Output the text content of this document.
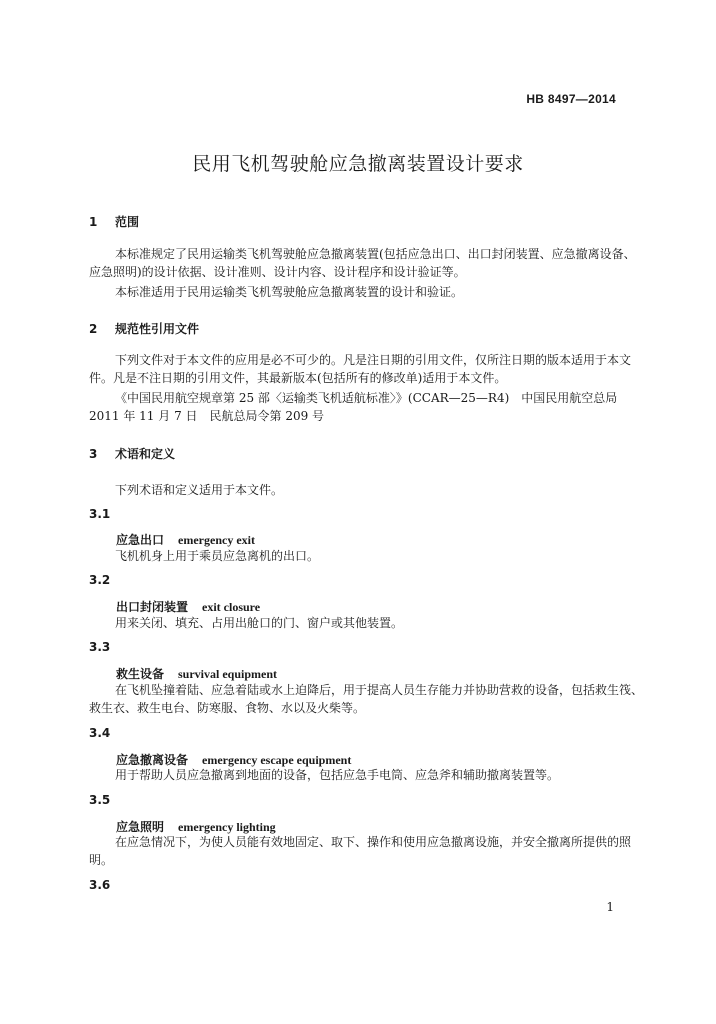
HB 8497—2014
民用飞机驾驶舱应急撤离装置设计要求
1 范围
本标准规定了民用运输类飞机驾驶舱应急撤离装置(包括应急出口、出口封闭装置、应急撤离设备、
应急照明)的设计依据、设计准则、设计内容、设计程序和设计验证等。
本标准适用于民用运输类飞机驾驶舱应急撤离装置的设计和验证。
2 规范性引用文件
下列文件对于本文件的应用是必不可少的。凡是注日期的引用文件，仅所注日期的版本适用于本文
件。凡是不注日期的引用文件，其最新版本(包括所有的修改单)适用于本文件。
《中国民用航空规章第 25 部〈运输类飞机适航标准〉》(CCAR—25—R4)　中国民用航空总局
2011 年 11 月 7 日　民航总局令第 209 号
3 术语和定义
下列术语和定义适用于本文件。
3.1
应急出口 emergency exit
飞机机身上用于乘员应急离机的出口。
3.2
出口封闭装置 exit closure
用来关闭、填充、占用出舱口的门、窗户或其他装置。
3.3
救生设备 survival equipment
在飞机坠撞着陆、应急着陆或水上迫降后，用于提高人员生存能力并协助营救的设备，包括救生筏、
救生衣、救生电台、防寒服、食物、水以及火柴等。
3.4
应急撤离设备 emergency escape equipment
用于帮助人员应急撤离到地面的设备，包括应急手电筒、应急斧和辅助撤离装置等。
3.5
应急照明 emergency lighting
在应急情况下，为使人员能有效地固定、取下、操作和使用应急撤离设施，并安全撤离所提供的照
明。
3.6
1
